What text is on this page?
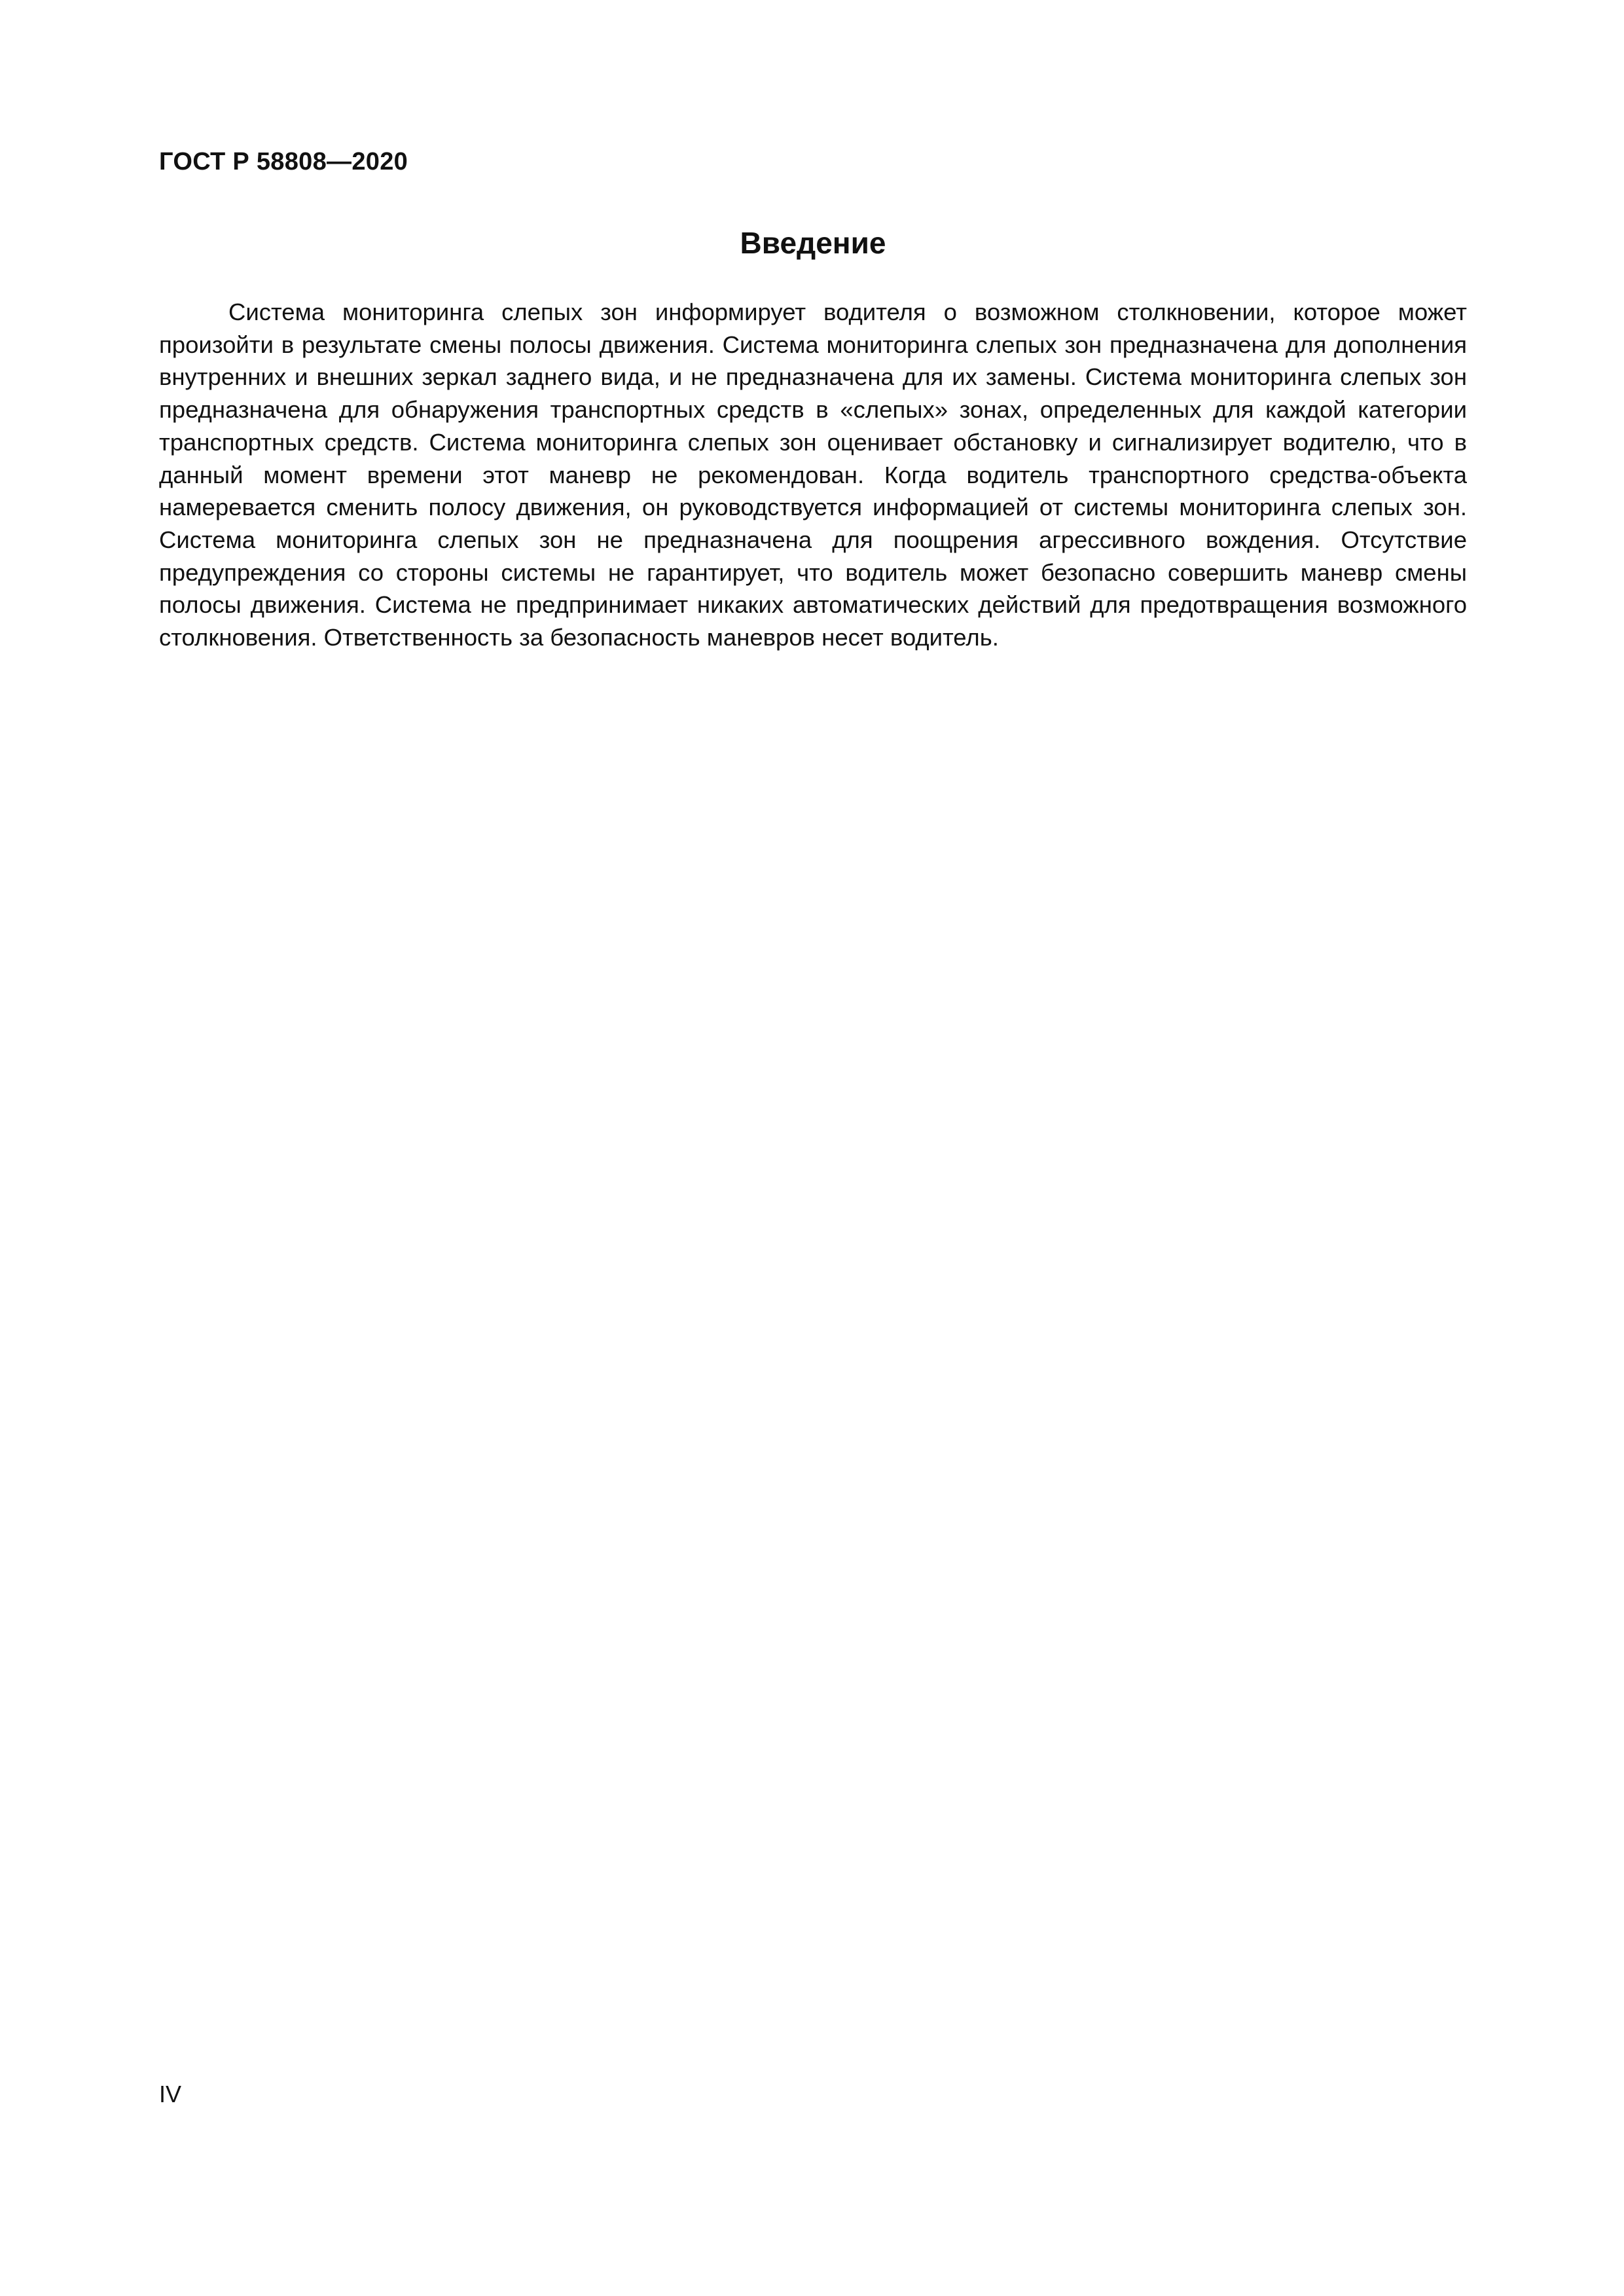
ГОСТ Р 58808—2020
Введение

Система мониторинга слепых зон информирует водителя о возможном столкновении, которое может произойти в результате смены полосы движения. Система мониторинга слепых зон предназначена для дополнения внутренних и внешних зеркал заднего вида, и не предназначена для их замены. Система мониторинга слепых зон предназначена для обнаружения транспортных средств в «слепых» зонах, определенных для каждой категории транспортных средств. Система мониторинга слепых зон оценивает обстановку и сигнализирует водителю, что в данный момент времени этот маневр не рекомендован. Когда водитель транспортного средства-объекта намеревается сменить полосу движения, он руководствуется информацией от системы мониторинга слепых зон. Система мониторинга слепых зон не предназначена для поощрения агрессивного вождения. Отсутствие предупреждения со стороны системы не гарантирует, что водитель может безопасно совершить маневр смены полосы движения. Система не предпринимает никаких автоматических действий для предотвращения возможного столкновения. Ответственность за безопасность маневров несет водитель.

IV
